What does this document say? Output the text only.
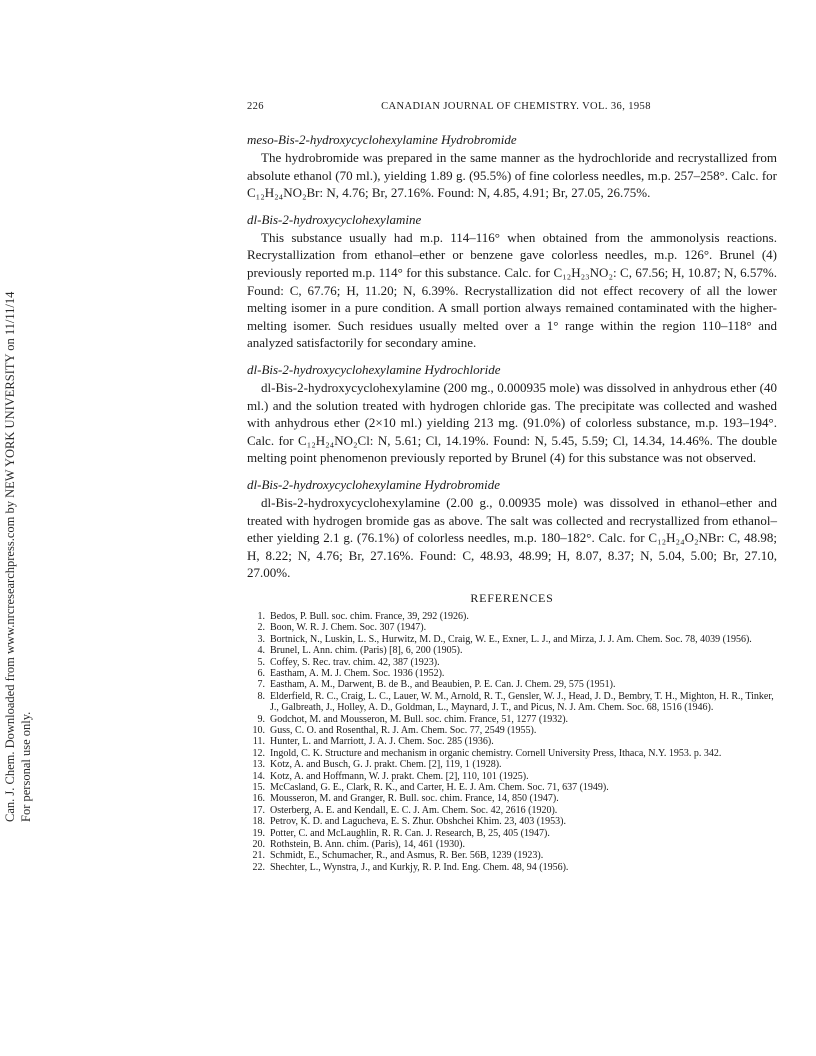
Can. J. Chem. Downloaded from www.nrcresearchpress.com by NEW YORK UNIVERSITY on 11/11/14 For personal use only.
226	CANADIAN JOURNAL OF CHEMISTRY. VOL. 36, 1958
meso-Bis-2-hydroxycyclohexylamine Hydrobromide

The hydrobromide was prepared in the same manner as the hydrochloride and recrystallized from absolute ethanol (70 ml.), yielding 1.89 g. (95.5%) of fine colorless needles, m.p. 257–258°. Calc. for C₁₂H₂₄NO₂Br: N, 4.76; Br, 27.16%. Found: N, 4.85, 4.91; Br, 27.05, 26.75%.

dl-Bis-2-hydroxycyclohexylamine

This substance usually had m.p. 114–116° when obtained from the ammonolysis reactions. Recrystallization from ethanol–ether or benzene gave colorless needles, m.p. 126°. Brunel (4) previously reported m.p. 114° for this substance. Calc. for C₁₂H₂₃NO₂: C, 67.56; H, 10.87; N, 6.57%. Found: C, 67.76; H, 11.20; N, 6.39%. Recrystallization did not effect recovery of all the lower melting isomer in a pure condition. A small portion always remained contaminated with the higher-melting isomer. Such residues usually melted over a 1° range within the region 110–118° and analyzed satisfactorily for secondary amine.

dl-Bis-2-hydroxycyclohexylamine Hydrochloride

dl-Bis-2-hydroxycyclohexylamine (200 mg., 0.000935 mole) was dissolved in anhydrous ether (40 ml.) and the solution treated with hydrogen chloride gas. The precipitate was collected and washed with anhydrous ether (2×10 ml.) yielding 213 mg. (91.0%) of colorless substance, m.p. 193–194°. Calc. for C₁₂H₂₄NO₂Cl: N, 5.61; Cl, 14.19%. Found: N, 5.45, 5.59; Cl, 14.34, 14.46%. The double melting point phenomenon previously reported by Brunel (4) for this substance was not observed.

dl-Bis-2-hydroxycyclohexylamine Hydrobromide

dl-Bis-2-hydroxycyclohexylamine (2.00 g., 0.00935 mole) was dissolved in ethanol–ether and treated with hydrogen bromide gas as above. The salt was collected and recrystallized from ethanol–ether yielding 2.1 g. (76.1%) of colorless needles, m.p. 180–182°. Calc. for C₁₂H₂₄O₂NBr: C, 48.98; H, 8.22; N, 4.76; Br, 27.16%. Found: C, 48.93, 48.99; H, 8.07, 8.37; N, 5.04, 5.00; Br, 27.10, 27.00%.

REFERENCES
1. Bedos, P. Bull. soc. chim. France, 39, 292 (1926).
2. Boon, W. R. J. Chem. Soc. 307 (1947).
3. Bortnick, N., Luskin, L. S., Hurwitz, M. D., Craig, W. E., Exner, L. J., and Mirza, J. J. Am. Chem. Soc. 78, 4039 (1956).
4. Brunel, L. Ann. chim. (Paris) [8], 6, 200 (1905).
5. Coffey, S. Rec. trav. chim. 42, 387 (1923).
6. Eastham, A. M. J. Chem. Soc. 1936 (1952).
7. Eastham, A. M., Darwent, B. de B., and Beaubien, P. E. Can. J. Chem. 29, 575 (1951).
8. Elderfield, R. C., Craig, L. C., Lauer, W. M., Arnold, R. T., Gensler, W. J., Head, J. D., Bembry, T. H., Mighton, H. R., Tinker, J., Galbreath, J., Holley, A. D., Goldman, L., Maynard, J. T., and Picus, N. J. Am. Chem. Soc. 68, 1516 (1946).
9. Godchot, M. and Mousseron, M. Bull. soc. chim. France, 51, 1277 (1932).
10. Guss, C. O. and Rosenthal, R. J. Am. Chem. Soc. 77, 2549 (1955).
11. Hunter, L. and Marriott, J. A. J. Chem. Soc. 285 (1936).
12. Ingold, C. K. Structure and mechanism in organic chemistry. Cornell University Press, Ithaca, N.Y. 1953. p. 342.
13. Kotz, A. and Busch, G. J. prakt. Chem. [2], 119, 1 (1928).
14. Kotz, A. and Hoffmann, W. J. prakt. Chem. [2], 110, 101 (1925).
15. McCasland, G. E., Clark, R. K., and Carter, H. E. J. Am. Chem. Soc. 71, 637 (1949).
16. Mousseron, M. and Granger, R. Bull. soc. chim. France, 14, 850 (1947).
17. Osterberg, A. E. and Kendall, E. C. J. Am. Chem. Soc. 42, 2616 (1920).
18. Petrov, K. D. and Lagucheva, E. S. Zhur. Obshchei Khim. 23, 403 (1953).
19. Potter, C. and McLaughlin, R. R. Can. J. Research, B, 25, 405 (1947).
20. Rothstein, B. Ann. chim. (Paris), 14, 461 (1930).
21. Schmidt, E., Schumacher, R., and Asmus, R. Ber. 56B, 1239 (1923).
22. Shechter, L., Wynstra, J., and Kurkjy, R. P. Ind. Eng. Chem. 48, 94 (1956).
